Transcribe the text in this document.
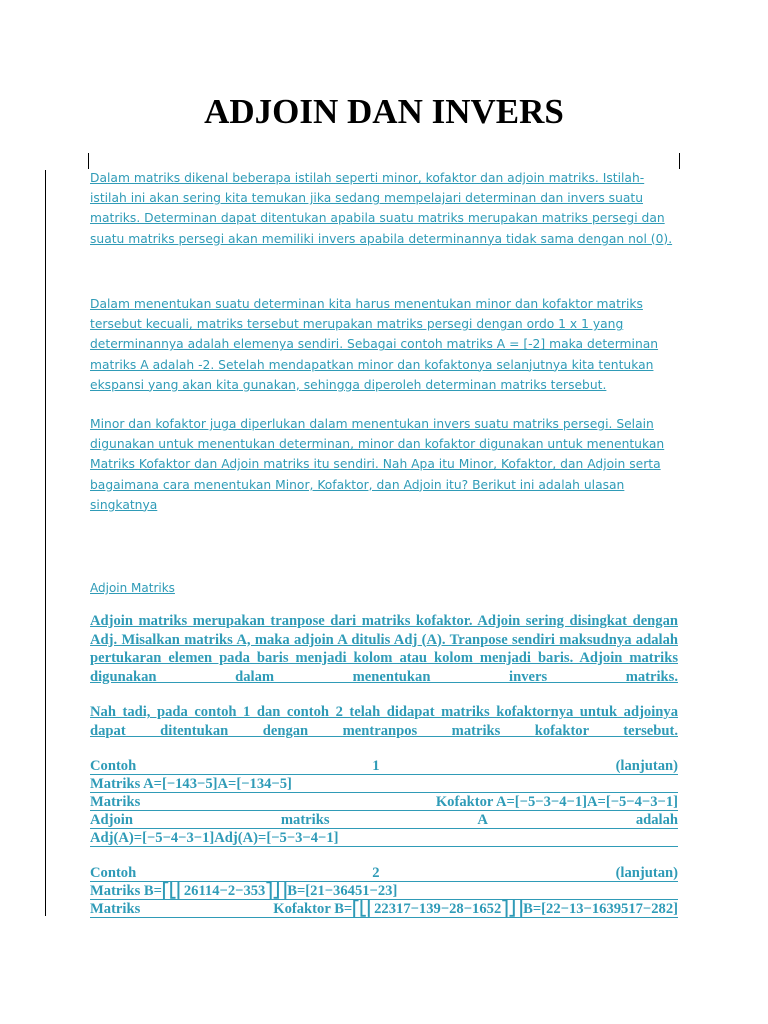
ADJOIN DAN INVERS

Dalam matriks dikenal beberapa istilah seperti minor, kofaktor dan adjoin matriks. Istilah-istilah ini akan sering kita temukan jika sedang mempelajari determinan dan invers suatu matriks. Determinan dapat ditentukan apabila suatu matriks merupakan matriks persegi dan suatu matriks persegi akan memiliki invers apabila determinannya tidak sama dengan nol (0).

Dalam menentukan suatu determinan kita harus menentukan minor dan kofaktor matriks tersebut kecuali, matriks tersebut merupakan matriks persegi dengan ordo 1 x 1 yang determinannya adalah elemenya sendiri. Sebagai contoh matriks A = [-2] maka determinan matriks A adalah -2. Setelah mendapatkan minor dan kofaktonya selanjutnya kita tentukan ekspansi yang akan kita gunakan, sehingga diperoleh determinan matriks tersebut.

Minor dan kofaktor juga diperlukan dalam menentukan invers suatu matriks persegi. Selain digunakan untuk menentukan determinan, minor dan kofaktor digunakan untuk menentukan Matriks Kofaktor dan Adjoin matriks itu sendiri. Nah Apa itu Minor, Kofaktor, dan Adjoin serta bagaimana cara menentukan Minor, Kofaktor, dan Adjoin itu? Berikut ini adalah ulasan singkatnya

Adjoin Matriks

Adjoin matriks merupakan tranpose dari matriks kofaktor. Adjoin sering disingkat dengan Adj. Misalkan matriks A, maka adjoin A ditulis Adj (A). Tranpose sendiri maksudnya adalah pertukaran elemen pada baris menjadi kolom atau kolom menjadi baris. Adjoin matriks digunakan dalam menentukan invers matriks.

Nah tadi, pada contoh 1 dan contoh 2 telah didapat matriks kofaktornya untuk adjoinya dapat ditentukan dengan mentranpos matriks kofaktor tersebut.

Contoh	1	(lanjutan)
Matriks A=[−143−5]A=[−134−5]
Matriks	Kofaktor A=[−5−3−4−1]A=[−5−4−3−1]
Adjoin	matriks	A	adalah
Adj(A)=[−5−4−3−1]Adj(A)=[−5−3−4−1]
Contoh	2	(lanjutan)
Matriks B=⎡⎣⎢26114−2−353⎤⎦⎥B=[21−36451−23]
Matriks	Kofaktor B=⎡⎣⎢22317−139−28−1652⎤⎦⎥B=[22−13−1639517−282]
